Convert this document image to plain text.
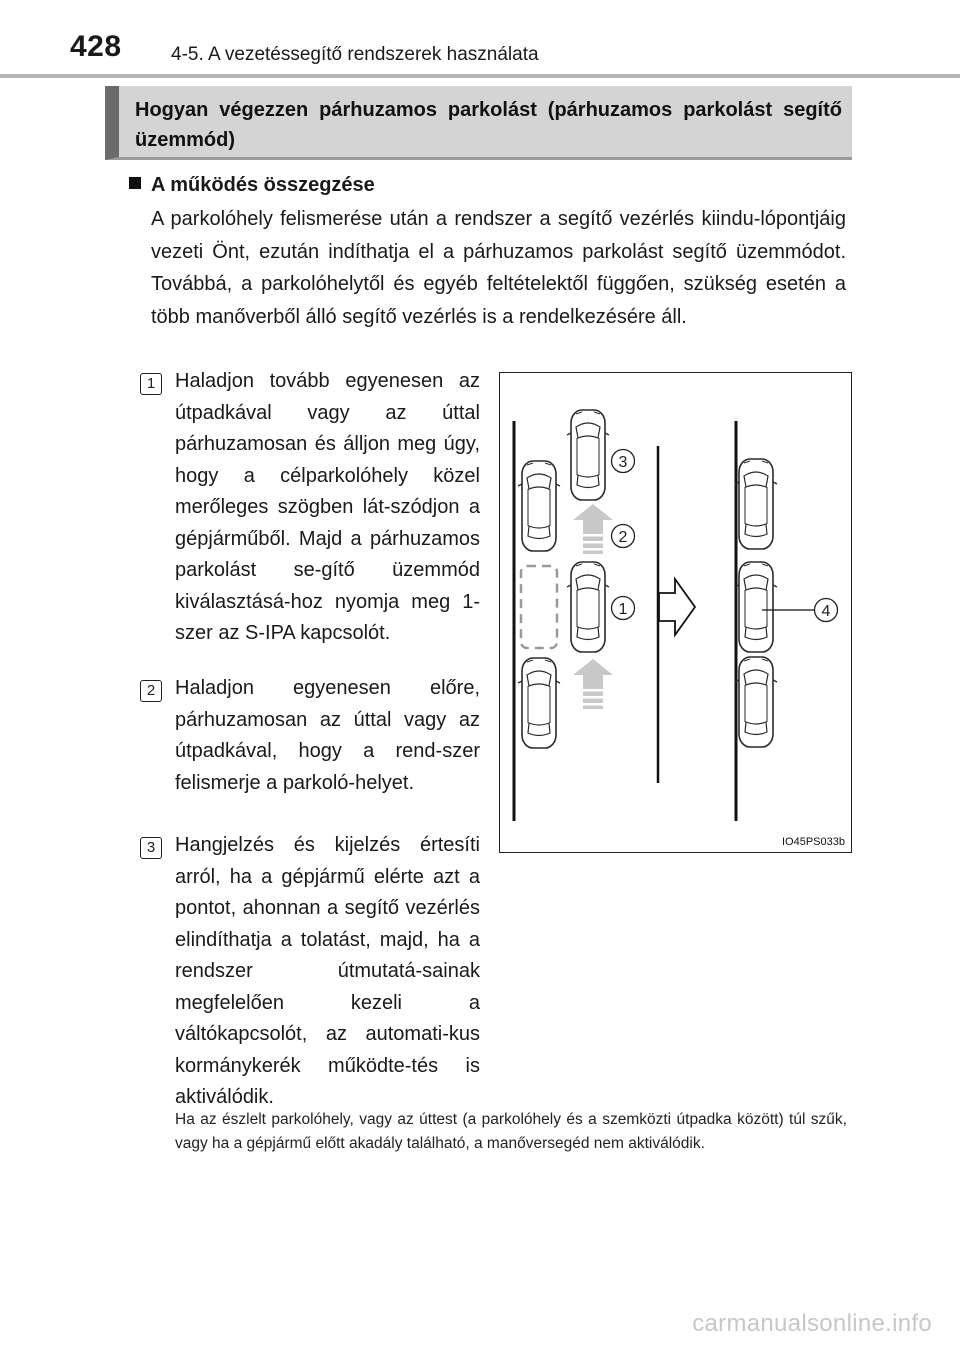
428	4-5. A vezetéssegítő rendszerek használata
Hogyan végezzen párhuzamos parkolást (párhuzamos parkolást segítő üzemmód)
A működés összegzése

A parkolóhely felismerése után a rendszer a segítő vezérlés kiindu-lópontjáig vezeti Önt, ezután indíthatja el a párhuzamos parkolást segítő üzemmódot. Továbbá, a parkolóhelytől és egyéb feltételektől függően, szükség esetén a több manőverből álló segítő vezérlés is a rendelkezésére áll.

1 Haladjon tovább egyenesen az útpadkával vagy az úttal párhuzamosan és álljon meg úgy, hogy a célparkolóhely közel merőleges szögben lát-szódjon a gépjárműből. Majd a párhuzamos parkolást se-gítő üzemmód kiválasztásá-hoz nyomja meg 1-szer az S-IPA kapcsolót.

2 Haladjon egyenesen előre, párhuzamosan az úttal vagy az útpadkával, hogy a rend-szer felismerje a parkoló-helyet.

3 Hangjelzés és kijelzés értesíti arról, ha a gépjármű elérte azt a pontot, ahonnan a segítő vezérlés elindíthatja a tolatást, majd, ha a rendszer útmutatá-sainak megfelelően kezeli a váltókapcsolót, az automati-kus kormánykerék működte-tés is aktiválódik.

3
2
1	4
IO45PS033b

Ha az észlelt parkolóhely, vagy az úttest (a parkolóhely és a szemközti útpadka között) túl szűk, vagy ha a gépjármű előtt akadály található, a manőversegéd nem aktiválódik.

carmanualsonline.info
